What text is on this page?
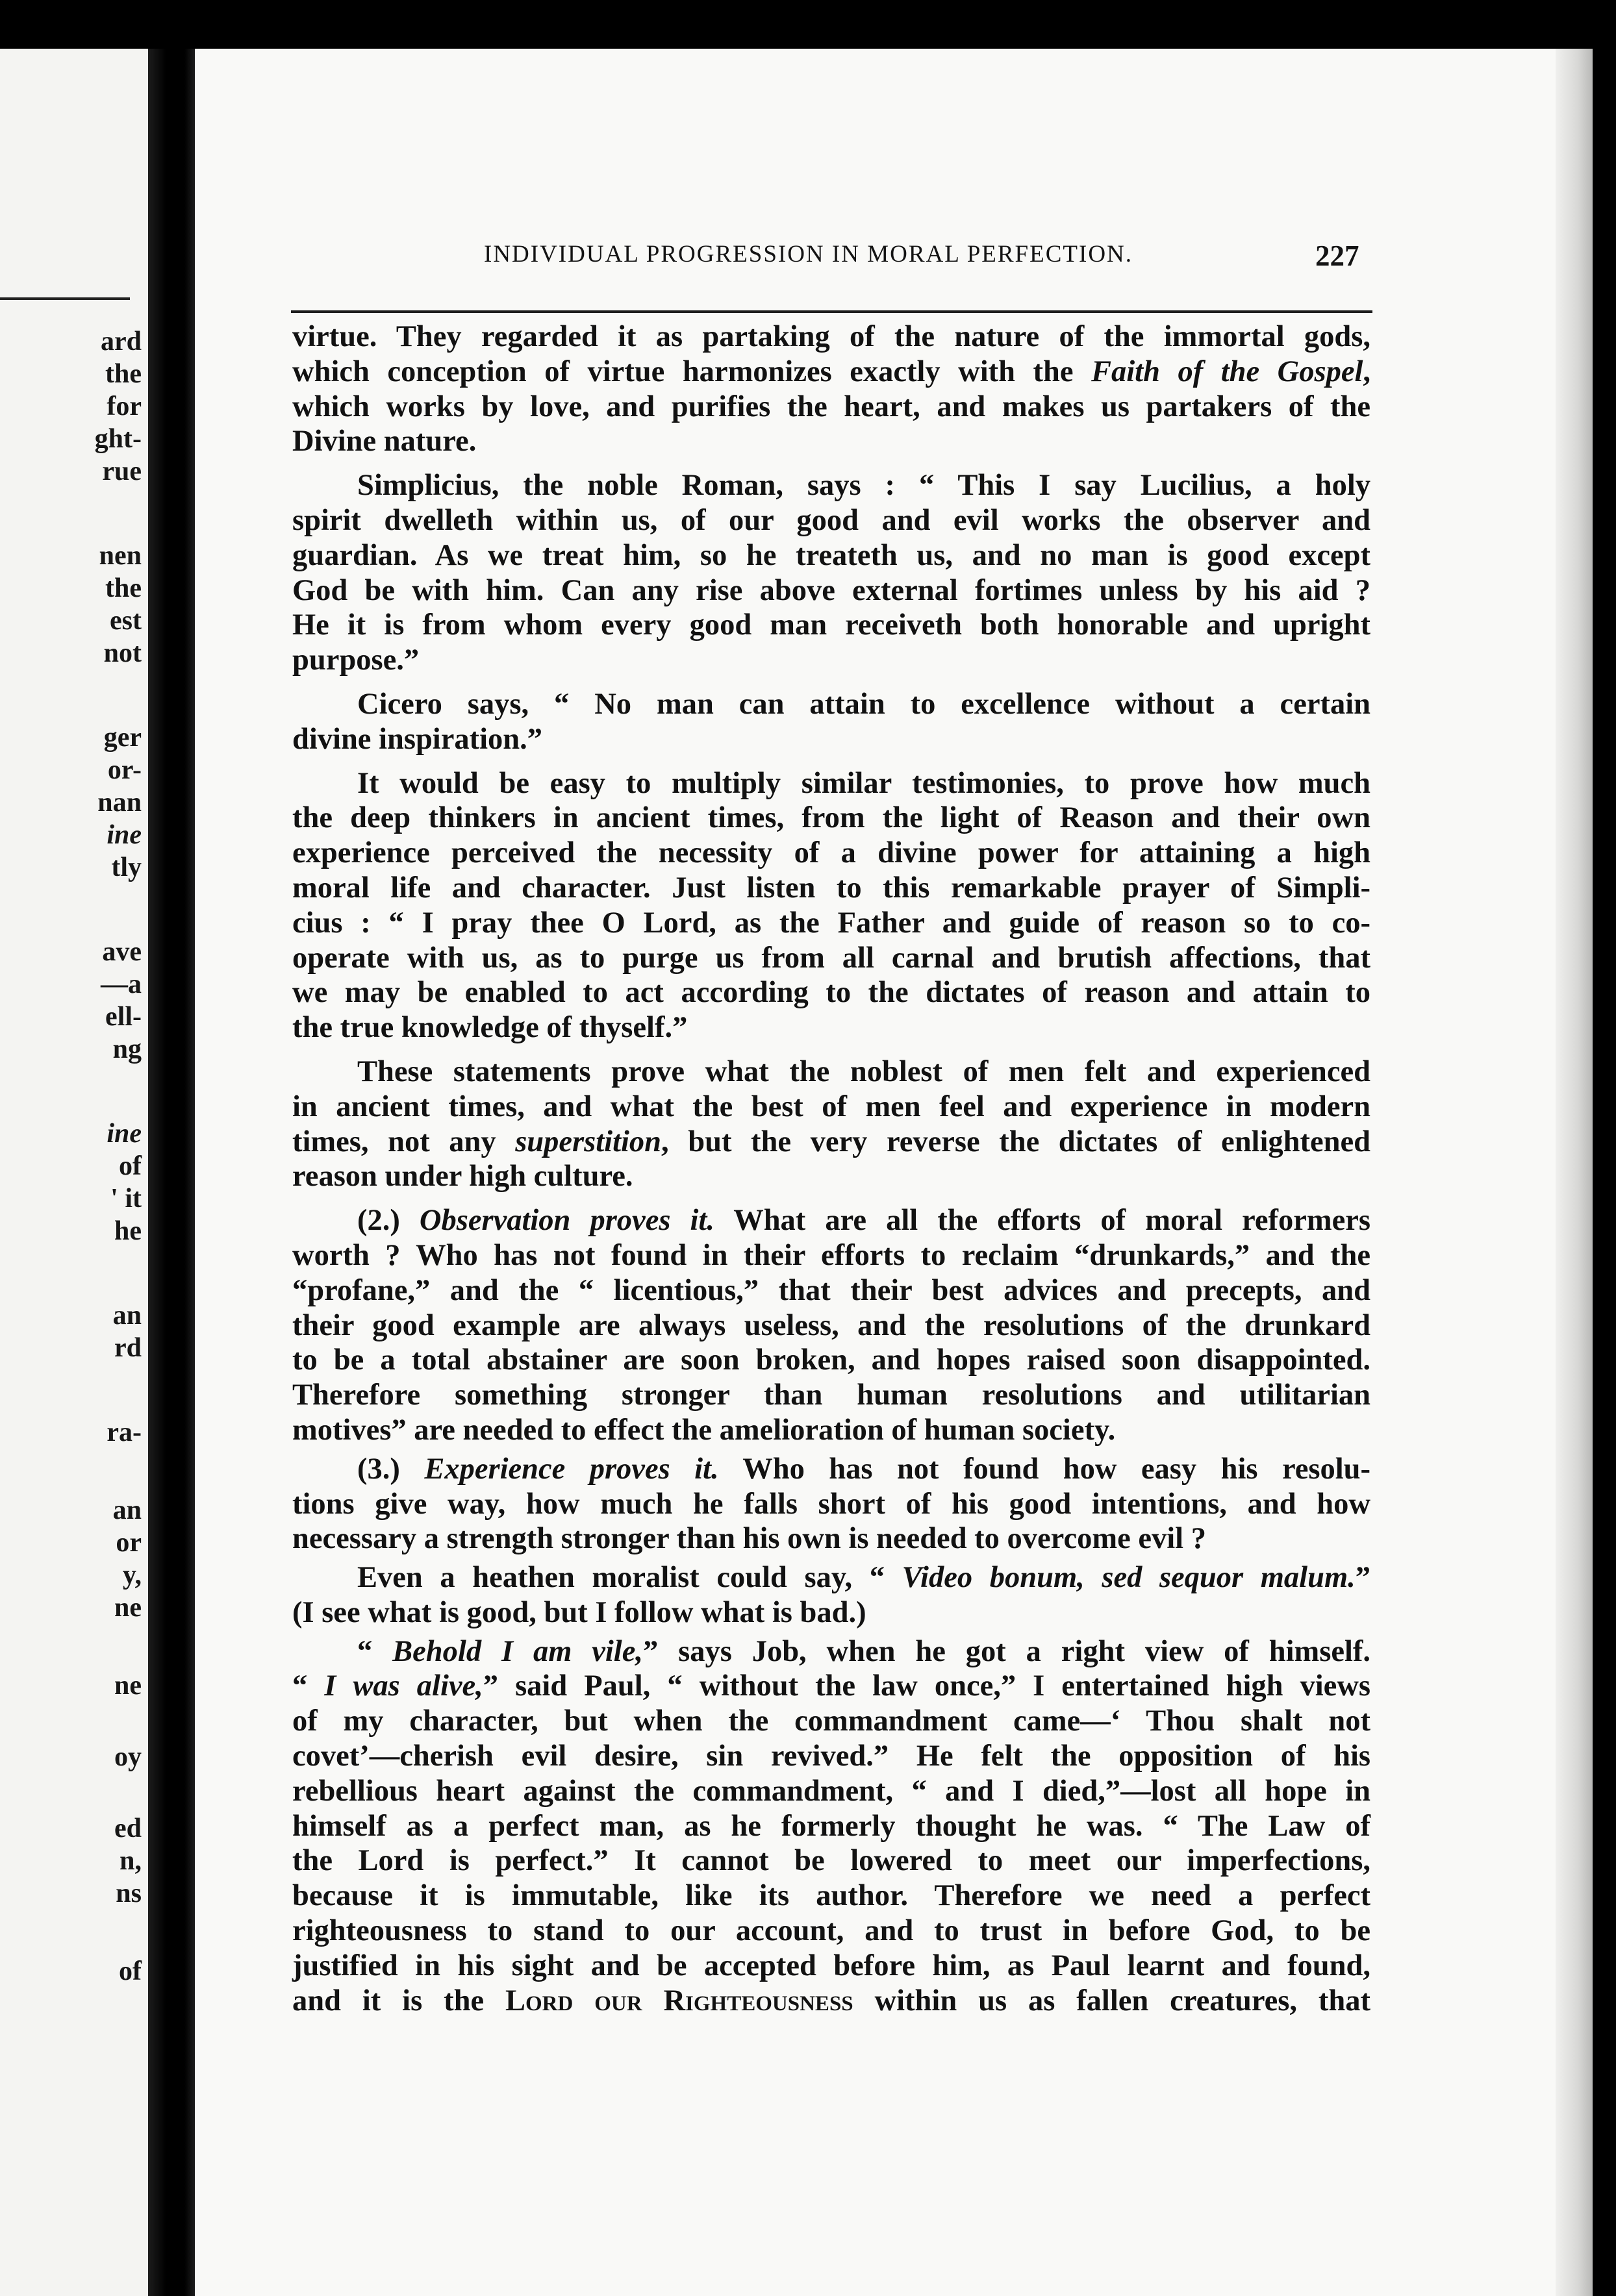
ard
the
for
ght-
rue
nen
the
est
not
ger
or-
nan
ine
tly
ave
—a
ell-
ng
ine
of
' it
he
an
rd
ra-
an
or
y,
ne
ne
oy
ed
n,
ns
of
INDIVIDUAL PROGRESSION IN MORAL PERFECTION.	227
virtue. They regarded it as partaking of the nature of the immortal gods,
which conception of virtue harmonizes exactly with the Faith of the Gospel,
which works by love, and purifies the heart, and makes us partakers of the
Divine nature.
Simplicius, the noble Roman, says : “ This I say Lucilius, a holy
spirit dwelleth within us, of our good and evil works the observer and
guardian. As we treat him, so he treateth us, and no man is good except
God be with him. Can any rise above external fortimes unless by his aid ?
He it is from whom every good man receiveth both honorable and upright
purpose.”
Cicero says, “ No man can attain to excellence without a certain
divine inspiration.”
It would be easy to multiply similar testimonies, to prove how much
the deep thinkers in ancient times, from the light of Reason and their own
experience perceived the necessity of a divine power for attaining a high
moral life and character. Just listen to this remarkable prayer of Simpli-
cius : “ I pray thee O Lord, as the Father and guide of reason so to co-
operate with us, as to purge us from all carnal and brutish affections, that
we may be enabled to act according to the dictates of reason and attain to
the true knowledge of thyself.”
These statements prove what the noblest of men felt and experienced
in ancient times, and what the best of men feel and experience in modern
times, not any superstition, but the very reverse the dictates of enlightened
reason under high culture.
(2.) Observation proves it. What are all the efforts of moral reformers
worth ? Who has not found in their efforts to reclaim “drunkards,” and the
“profane,” and the “ licentious,” that their best advices and precepts, and
their good example are always useless, and the resolutions of the drunkard
to be a total abstainer are soon broken, and hopes raised soon disappointed.
Therefore something stronger than human resolutions and utilitarian
motives” are needed to effect the amelioration of human society.
(3.) Experience proves it. Who has not found how easy his resolu-
tions give way, how much he falls short of his good intentions, and how
necessary a strength stronger than his own is needed to overcome evil ?
Even a heathen moralist could say, “ Video bonum, sed sequor malum.”
(I see what is good, but I follow what is bad.)
“ Behold I am vile,” says Job, when he got a right view of himself.
“ I was alive,” said Paul, “ without the law once,” I entertained high views
of my character, but when the commandment came—‘ Thou shalt not
covet’—cherish evil desire, sin revived.” He felt the opposition of his
rebellious heart against the commandment, “ and I died,”—lost all hope in
himself as a perfect man, as he formerly thought he was. “ The Law of
the Lord is perfect.” It cannot be lowered to meet our imperfections,
because it is immutable, like its author. Therefore we need a perfect
righteousness to stand to our account, and to trust in before God, to be
justified in his sight and be accepted before him, as Paul learnt and found,
and it is the Lord our Righteousness within us as fallen creatures, that
